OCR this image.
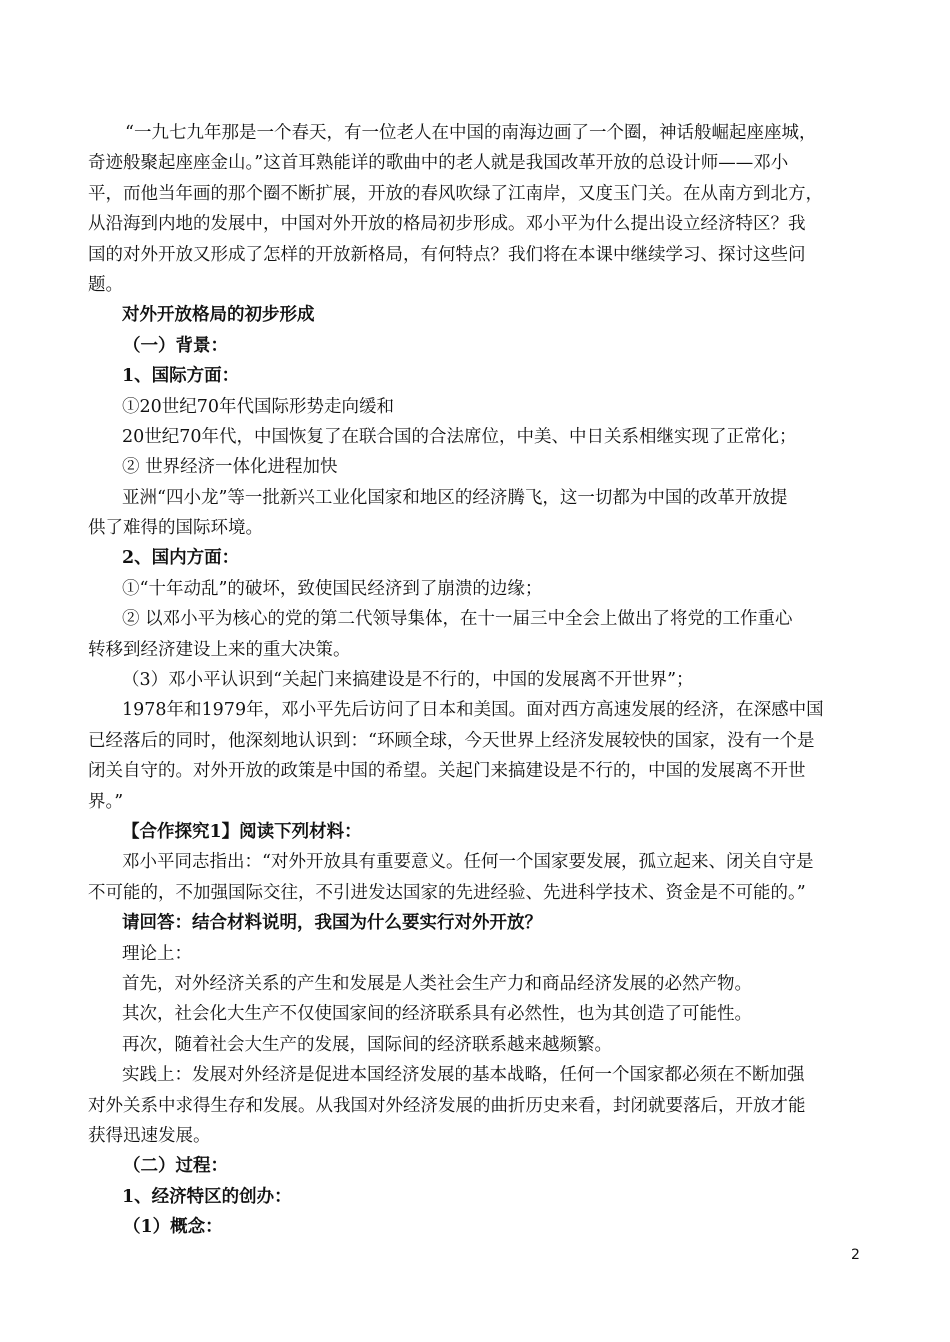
“一九七九年那是一个春天，有一位老人在中国的南海边画了一个圈，神话般崛起座座城，
奇迹般聚起座座金山。”这首耳熟能详的歌曲中的老人就是我国改革开放的总设计师——邓小
平，而他当年画的那个圈不断扩展，开放的春风吹绿了江南岸，又度玉门关。在从南方到北方，
从沿海到内地的发展中，中国对外开放的格局初步形成。邓小平为什么提出设立经济特区？我
国的对外开放又形成了怎样的开放新格局，有何特点？我们将在本课中继续学习、探讨这些问
题。
对外开放格局的初步形成
（一）背景：
1、国际方面：
①20世纪70年代国际形势走向缓和
20世纪70年代，中国恢复了在联合国的合法席位，中美、中日关系相继实现了正常化；
② 世界经济一体化进程加快
亚洲“四小龙”等一批新兴工业化国家和地区的经济腾飞，这一切都为中国的改革开放提
供了难得的国际环境。
2、国内方面：
①“十年动乱”的破坏，致使国民经济到了崩溃的边缘；
② 以邓小平为核心的党的第二代领导集体，在十一届三中全会上做出了将党的工作重心
转移到经济建设上来的重大决策。
（3）邓小平认识到“关起门来搞建设是不行的，中国的发展离不开世界”；
1978年和1979年，邓小平先后访问了日本和美国。面对西方高速发展的经济，在深感中国
已经落后的同时，他深刻地认识到：“环顾全球，今天世界上经济发展较快的国家，没有一个是
闭关自守的。对外开放的政策是中国的希望。关起门来搞建设是不行的，中国的发展离不开世
界。”
【合作探究1】阅读下列材料：
邓小平同志指出：“对外开放具有重要意义。任何一个国家要发展，孤立起来、闭关自守是
不可能的，不加强国际交往，不引进发达国家的先进经验、先进科学技术、资金是不可能的。”
请回答：结合材料说明，我国为什么要实行对外开放？
理论上：
首先，对外经济关系的产生和发展是人类社会生产力和商品经济发展的必然产物。
其次，社会化大生产不仅使国家间的经济联系具有必然性，也为其创造了可能性。
再次，随着社会大生产的发展，国际间的经济联系越来越频繁。
实践上：发展对外经济是促进本国经济发展的基本战略，任何一个国家都必须在不断加强
对外关系中求得生存和发展。从我国对外经济发展的曲折历史来看，封闭就要落后，开放才能
获得迅速发展。
（二）过程：
1、经济特区的创办：
（1）概念：
2
